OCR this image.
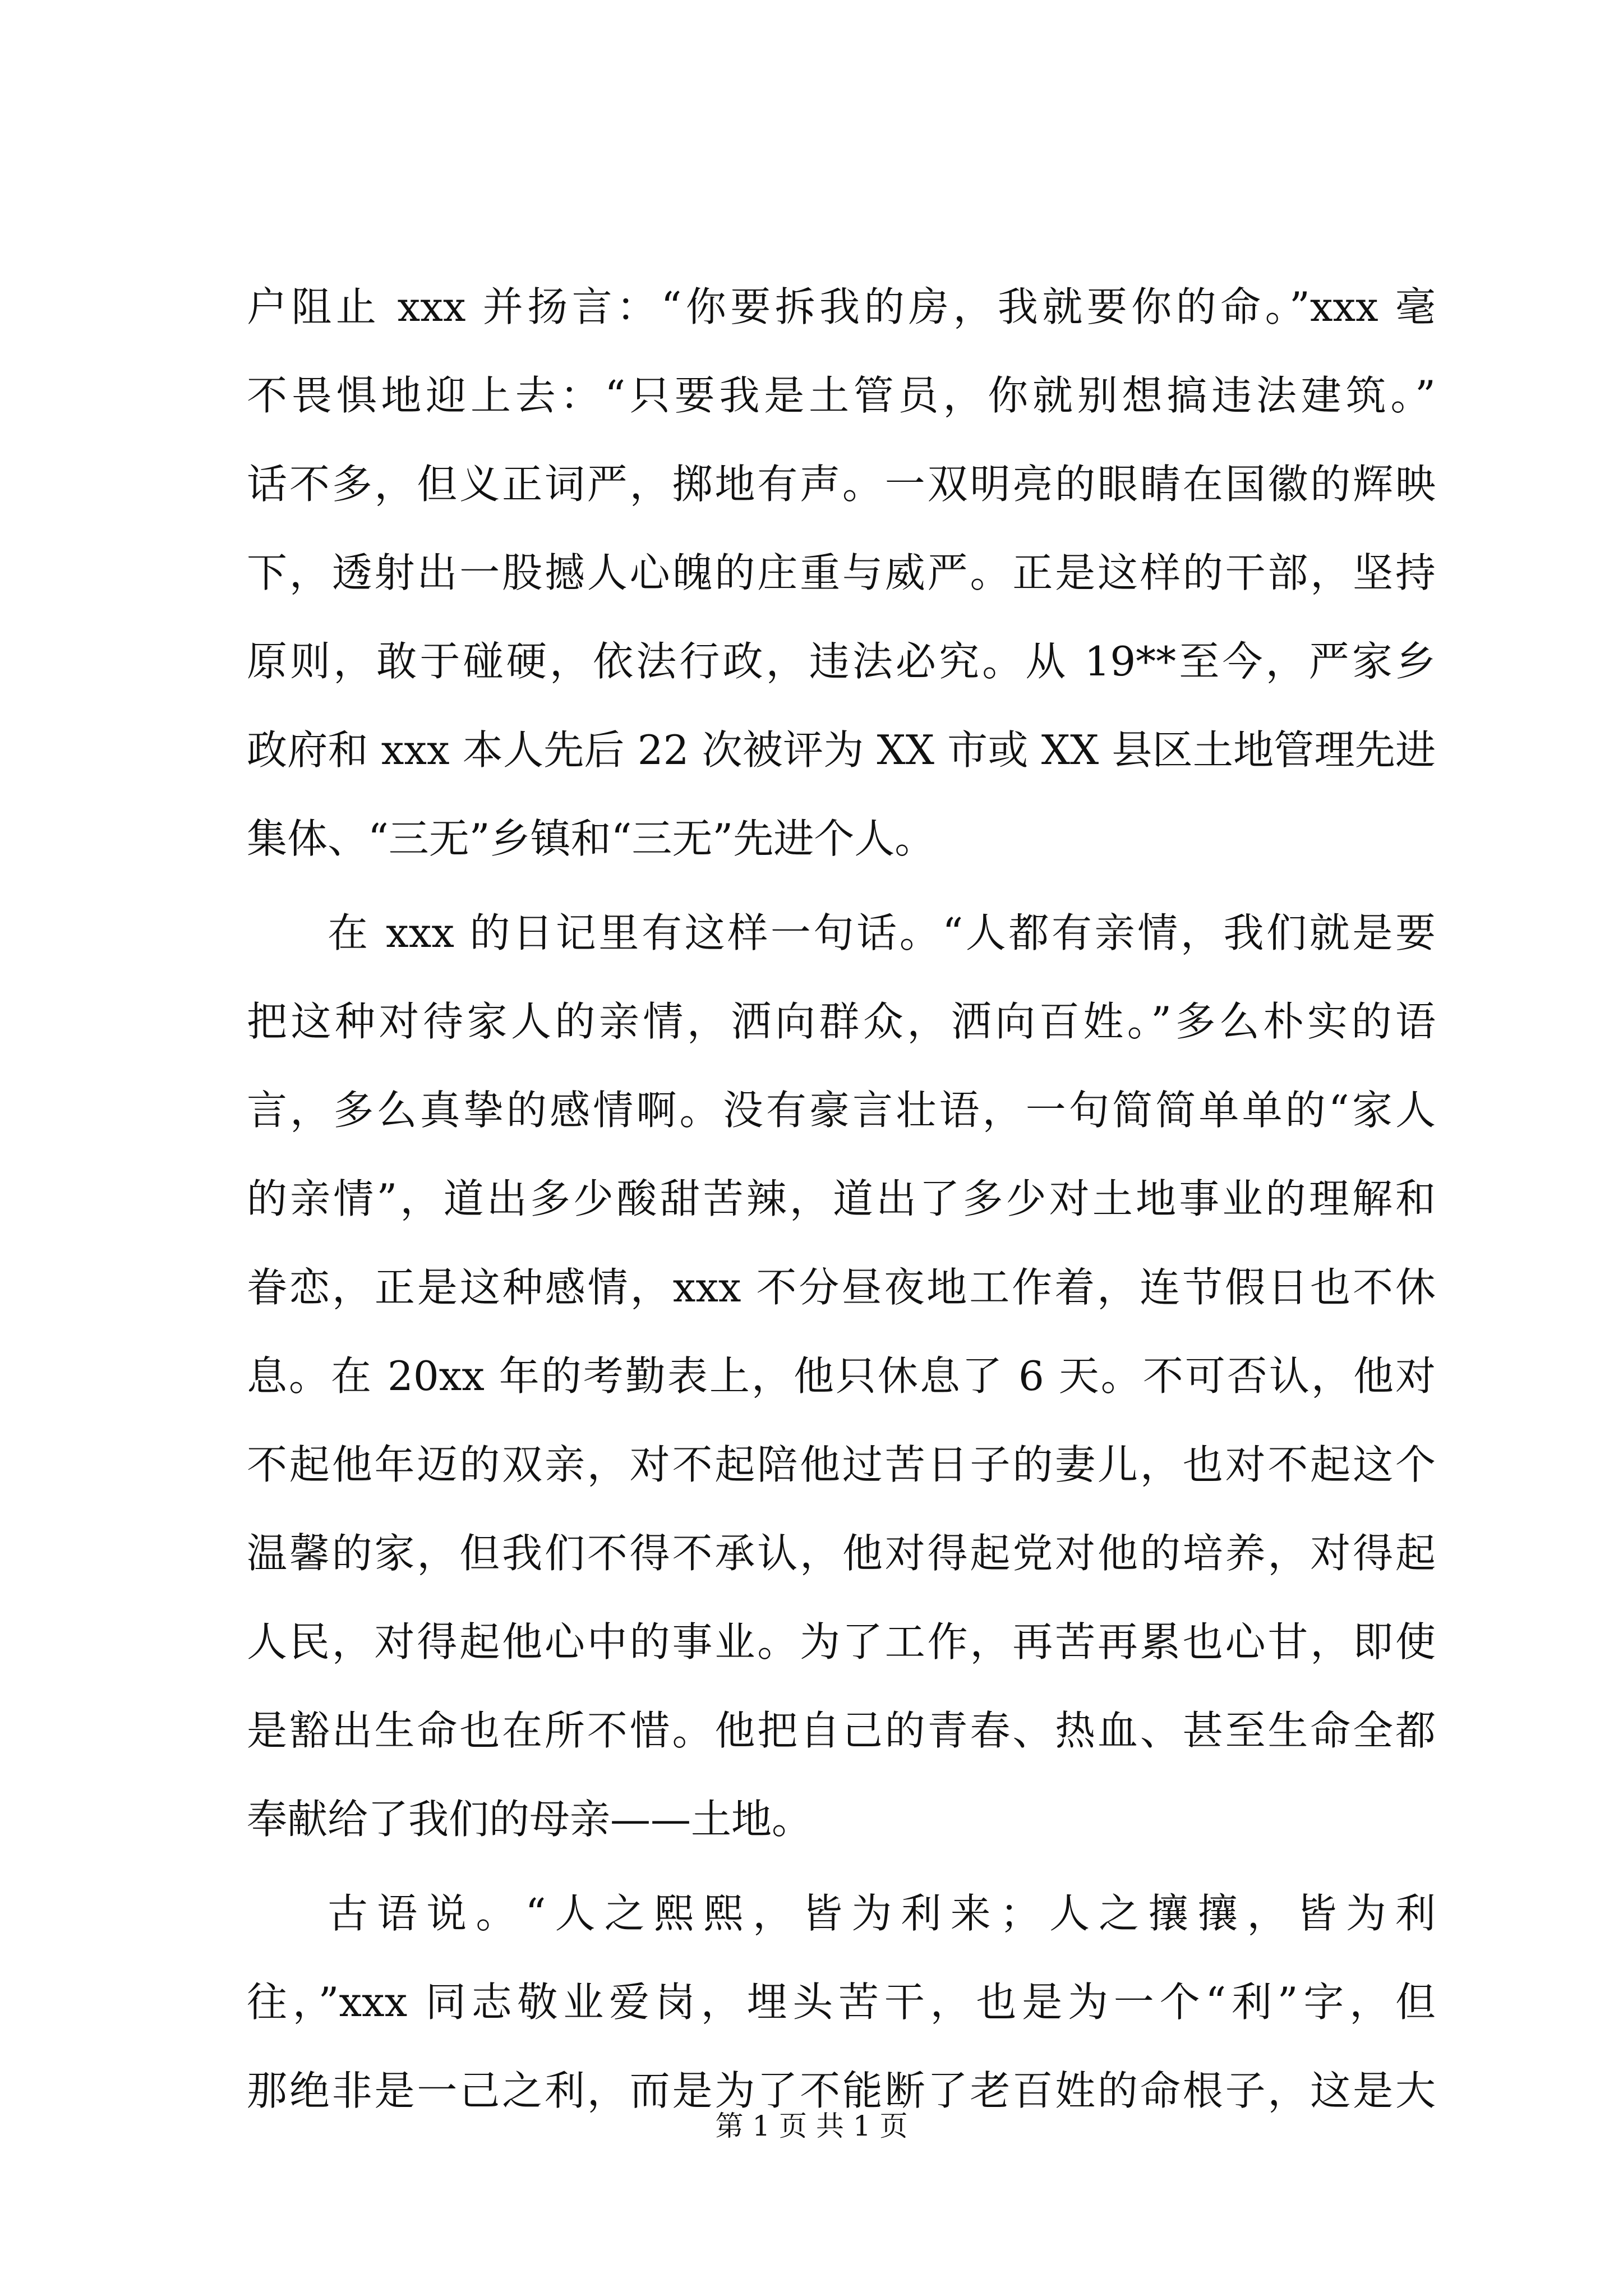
户阻止 xxx 并扬言：“你要拆我的房，我就要你的命。”xxx 毫
不畏惧地迎上去：“只要我是土管员，你就别想搞违法建筑。”
话不多，但义正词严，掷地有声。一双明亮的眼睛在国徽的辉映
下，透射出一股撼人心魄的庄重与威严。正是这样的干部，坚持
原则，敢于碰硬，依法行政，违法必究。从 19**至今，严家乡
政府和 xxx 本人先后 22 次被评为 XX 市或 XX 县区土地管理先进
集体、“三无”乡镇和“三无”先进个人。
在 xxx 的日记里有这样一句话。“人都有亲情，我们就是要
把这种对待家人的亲情，洒向群众，洒向百姓。”多么朴实的语
言，多么真挚的感情啊。没有豪言壮语，一句简简单单的“家人
的亲情”，道出多少酸甜苦辣，道出了多少对土地事业的理解和
眷恋，正是这种感情，xxx 不分昼夜地工作着，连节假日也不休
息。在 20xx 年的考勤表上，他只休息了 6 天。不可否认，他对
不起他年迈的双亲，对不起陪他过苦日子的妻儿，也对不起这个
温馨的家，但我们不得不承认，他对得起党对他的培养，对得起
人民，对得起他心中的事业。为了工作，再苦再累也心甘，即使
是豁出生命也在所不惜。他把自己的青春、热血、甚至生命全都
奉献给了我们的母亲——土地。
古语说。“人之熙熙，皆为利来；人之攘攘，皆为利
往，”xxx 同志敬业爱岗，埋头苦干，也是为一个“利”字，但
那绝非是一己之利，而是为了不能断了老百姓的命根子，这是大
第 1 页 共 1 页
